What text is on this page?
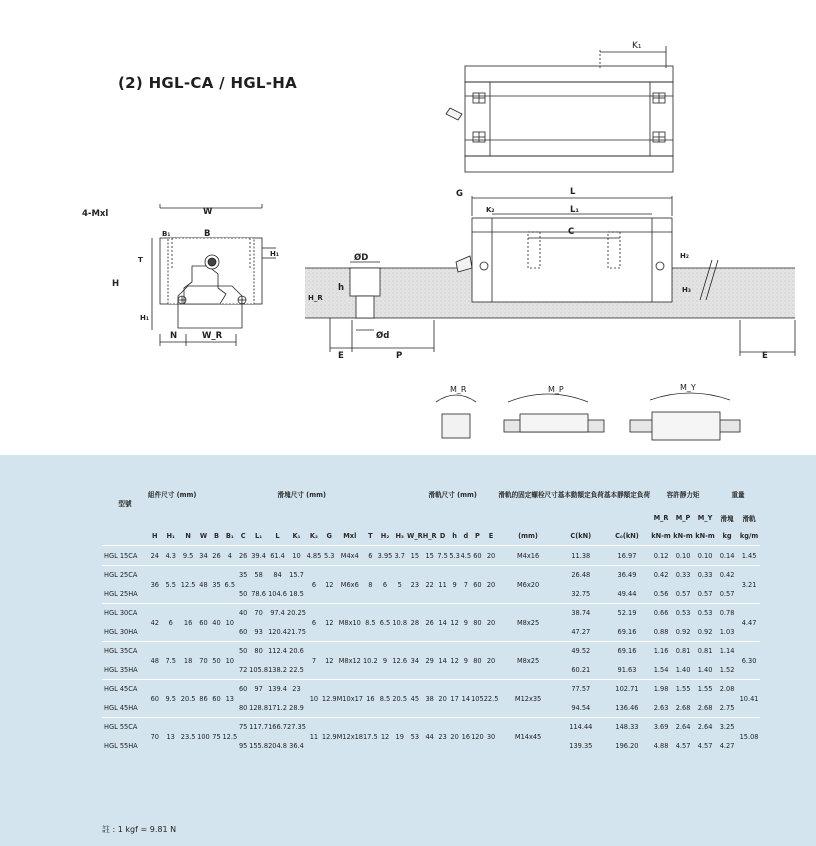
(2) HGL-CA / HGL-HA
K₁
W
B₁	B
T
H₁
H
H₁
4-Mxl
N	W_R
G	L
K₂	L₁
C
H₂
H_R
ØD
h
Ød
E	P	E
H₃
M_R	M_P	M_Y
型號	組件尺寸 (mm)			滑塊尺寸 (mm)													滑軌尺寸 (mm)							滑軌的固定螺栓尺寸	基本動額定負荷	基本靜額定負荷	容許靜力矩			重量	
																											M_R	M_P	M_Y	滑塊	滑軌
	H	H₁	N	W	B	B₁	C	L₁	L	K₁	K₂	G	Mxl	T	H₂	H₃	W_R	H_R	D	h	d	P	E	(mm)	C(kN)	C₀(kN)	kN-m	kN-m	kN-m	kg	kg/m
HGL 15CA	24	4.3	9.5	34	26	4	26	39.4	61.4	10	4.85	5.3	M4x4	6	3.95	3.7	15	15	7.5	5.3	4.5	60	20	M4x16	11.38	16.97	0.12	0.10	0.10	0.14	1.45
HGL 25CA	36	5.5	12.5	48	35	6.5	35	58	84	15.7	6	12	M6x6	8	6	5	23	22	11	9	7	60	20	M6x20	26.48	36.49	0.42	0.33	0.33	0.42	3.21
HGL 25HA							50	78.6	104.6	18.5															32.75	49.44	0.56	0.57	0.57	0.57	
HGL 30CA	42	6	16	60	40	10	40	70	97.4	20.25	6	12	M8x10	8.5	6.5	10.8	28	26	14	12	9	80	20	M8x25	38.74	52.19	0.66	0.53	0.53	0.78	4.47
HGL 30HA							60	93	120.4	21.75															47.27	69.16	0.88	0.92	0.92	1.03	
HGL 35CA	48	7.5	18	70	50	10	50	80	112.4	20.6	7	12	M8x12	10.2	9	12.6	34	29	14	12	9	80	20	M8x25	49.52	69.16	1.16	0.81	0.81	1.14	6.30
HGL 35HA							72	105.8	138.2	22.5															60.21	91.63	1.54	1.40	1.40	1.52	
HGL 45CA	60	9.5	20.5	86	60	13	60	97	139.4	23	10	12.9	M10x17	16	8.5	20.5	45	38	20	17	14	105	22.5	M12x35	77.57	102.71	1.98	1.55	1.55	2.08	10.41
HGL 45HA							80	128.8	171.2	28.9															94.54	136.46	2.63	2.68	2.68	2.75	
HGL 55CA	70	13	23.5	100	75	12.5	75	117.7	166.7	27.35	11	12.9	M12x18	17.5	12	19	53	44	23	20	16	120	30	M14x45	114.44	148.33	3.69	2.64	2.64	3.25	15.08
HGL 55HA							95	155.8	204.8	36.4															139.35	196.20	4.88	4.57	4.57	4.27	
註 : 1 kgf = 9.81 N
